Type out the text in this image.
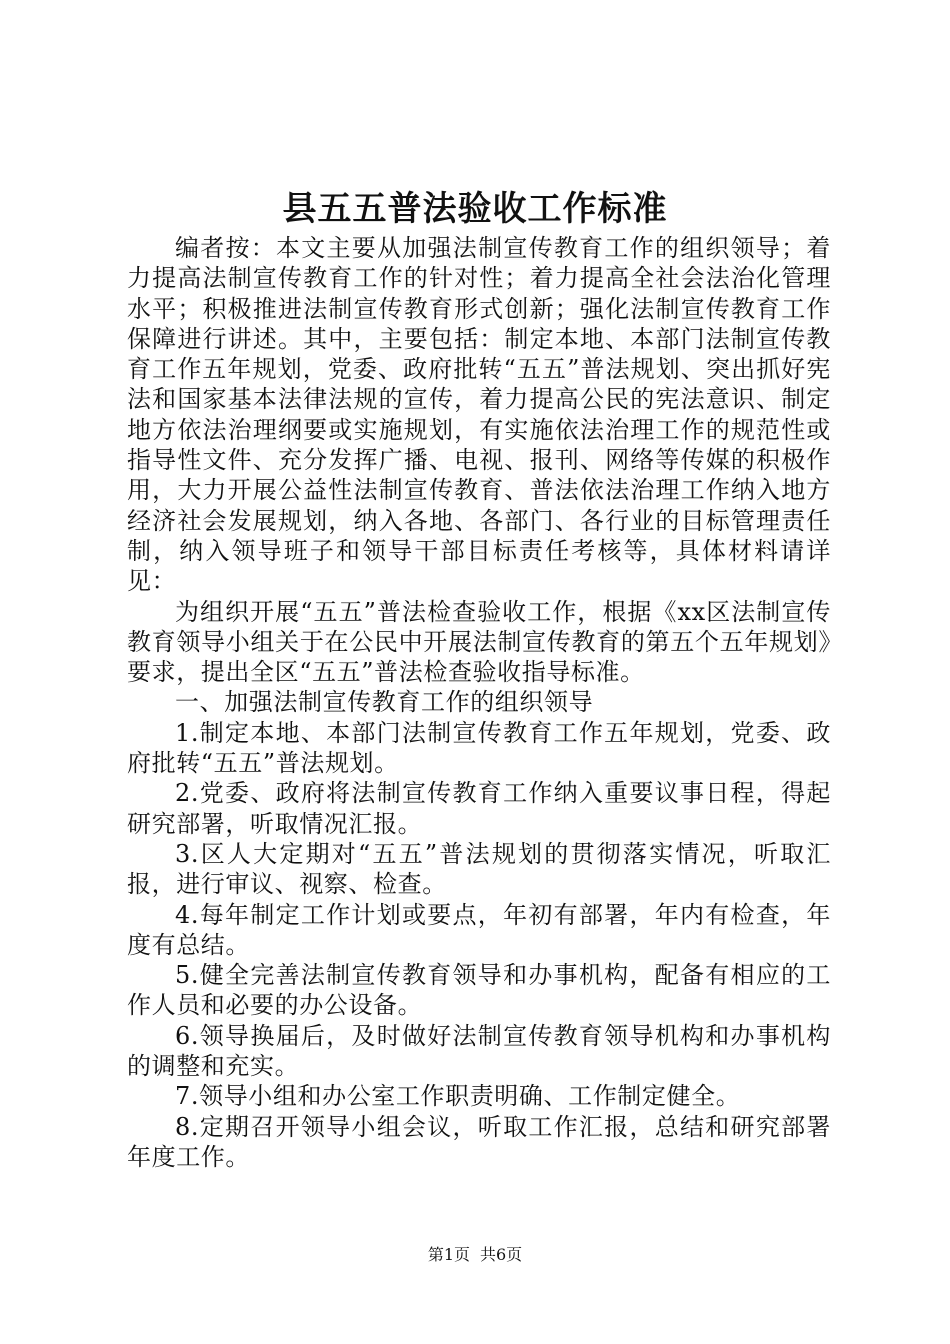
县五五普法验收工作标准

编者按：本文主要从加强法制宣传教育工作的组织领导；着力提高法制宣传教育工作的针对性；着力提高全社会法治化管理水平；积极推进法制宣传教育形式创新；强化法制宣传教育工作保障进行讲述。其中，主要包括：制定本地、本部门法制宣传教育工作五年规划，党委、政府批转“五五”普法规划、突出抓好宪法和国家基本法律法规的宣传，着力提高公民的宪法意识、制定地方依法治理纲要或实施规划，有实施依法治理工作的规范性或指导性文件、充分发挥广播、电视、报刊、网络等传媒的积极作用，大力开展公益性法制宣传教育、普法依法治理工作纳入地方经济社会发展规划，纳入各地、各部门、各行业的目标管理责任制，纳入领导班子和领导干部目标责任考核等，具体材料请详见：

为组织开展“五五”普法检查验收工作，根据《xx区法制宣传教育领导小组关于在公民中开展法制宣传教育的第五个五年规划》要求，提出全区“五五”普法检查验收指导标准。

一、加强法制宣传教育工作的组织领导

1.制定本地、本部门法制宣传教育工作五年规划，党委、政府批转“五五”普法规划。

2.党委、政府将法制宣传教育工作纳入重要议事日程，得起研究部署，听取情况汇报。

3.区人大定期对“五五”普法规划的贯彻落实情况，听取汇报，进行审议、视察、检查。

4.每年制定工作计划或要点，年初有部署，年内有检查，年度有总结。

5.健全完善法制宣传教育领导和办事机构，配备有相应的工作人员和必要的办公设备。

6.领导换届后，及时做好法制宣传教育领导机构和办事机构的调整和充实。

7.领导小组和办公室工作职责明确、工作制定健全。

8.定期召开领导小组会议，听取工作汇报，总结和研究部署年度工作。

第1页 共6页
